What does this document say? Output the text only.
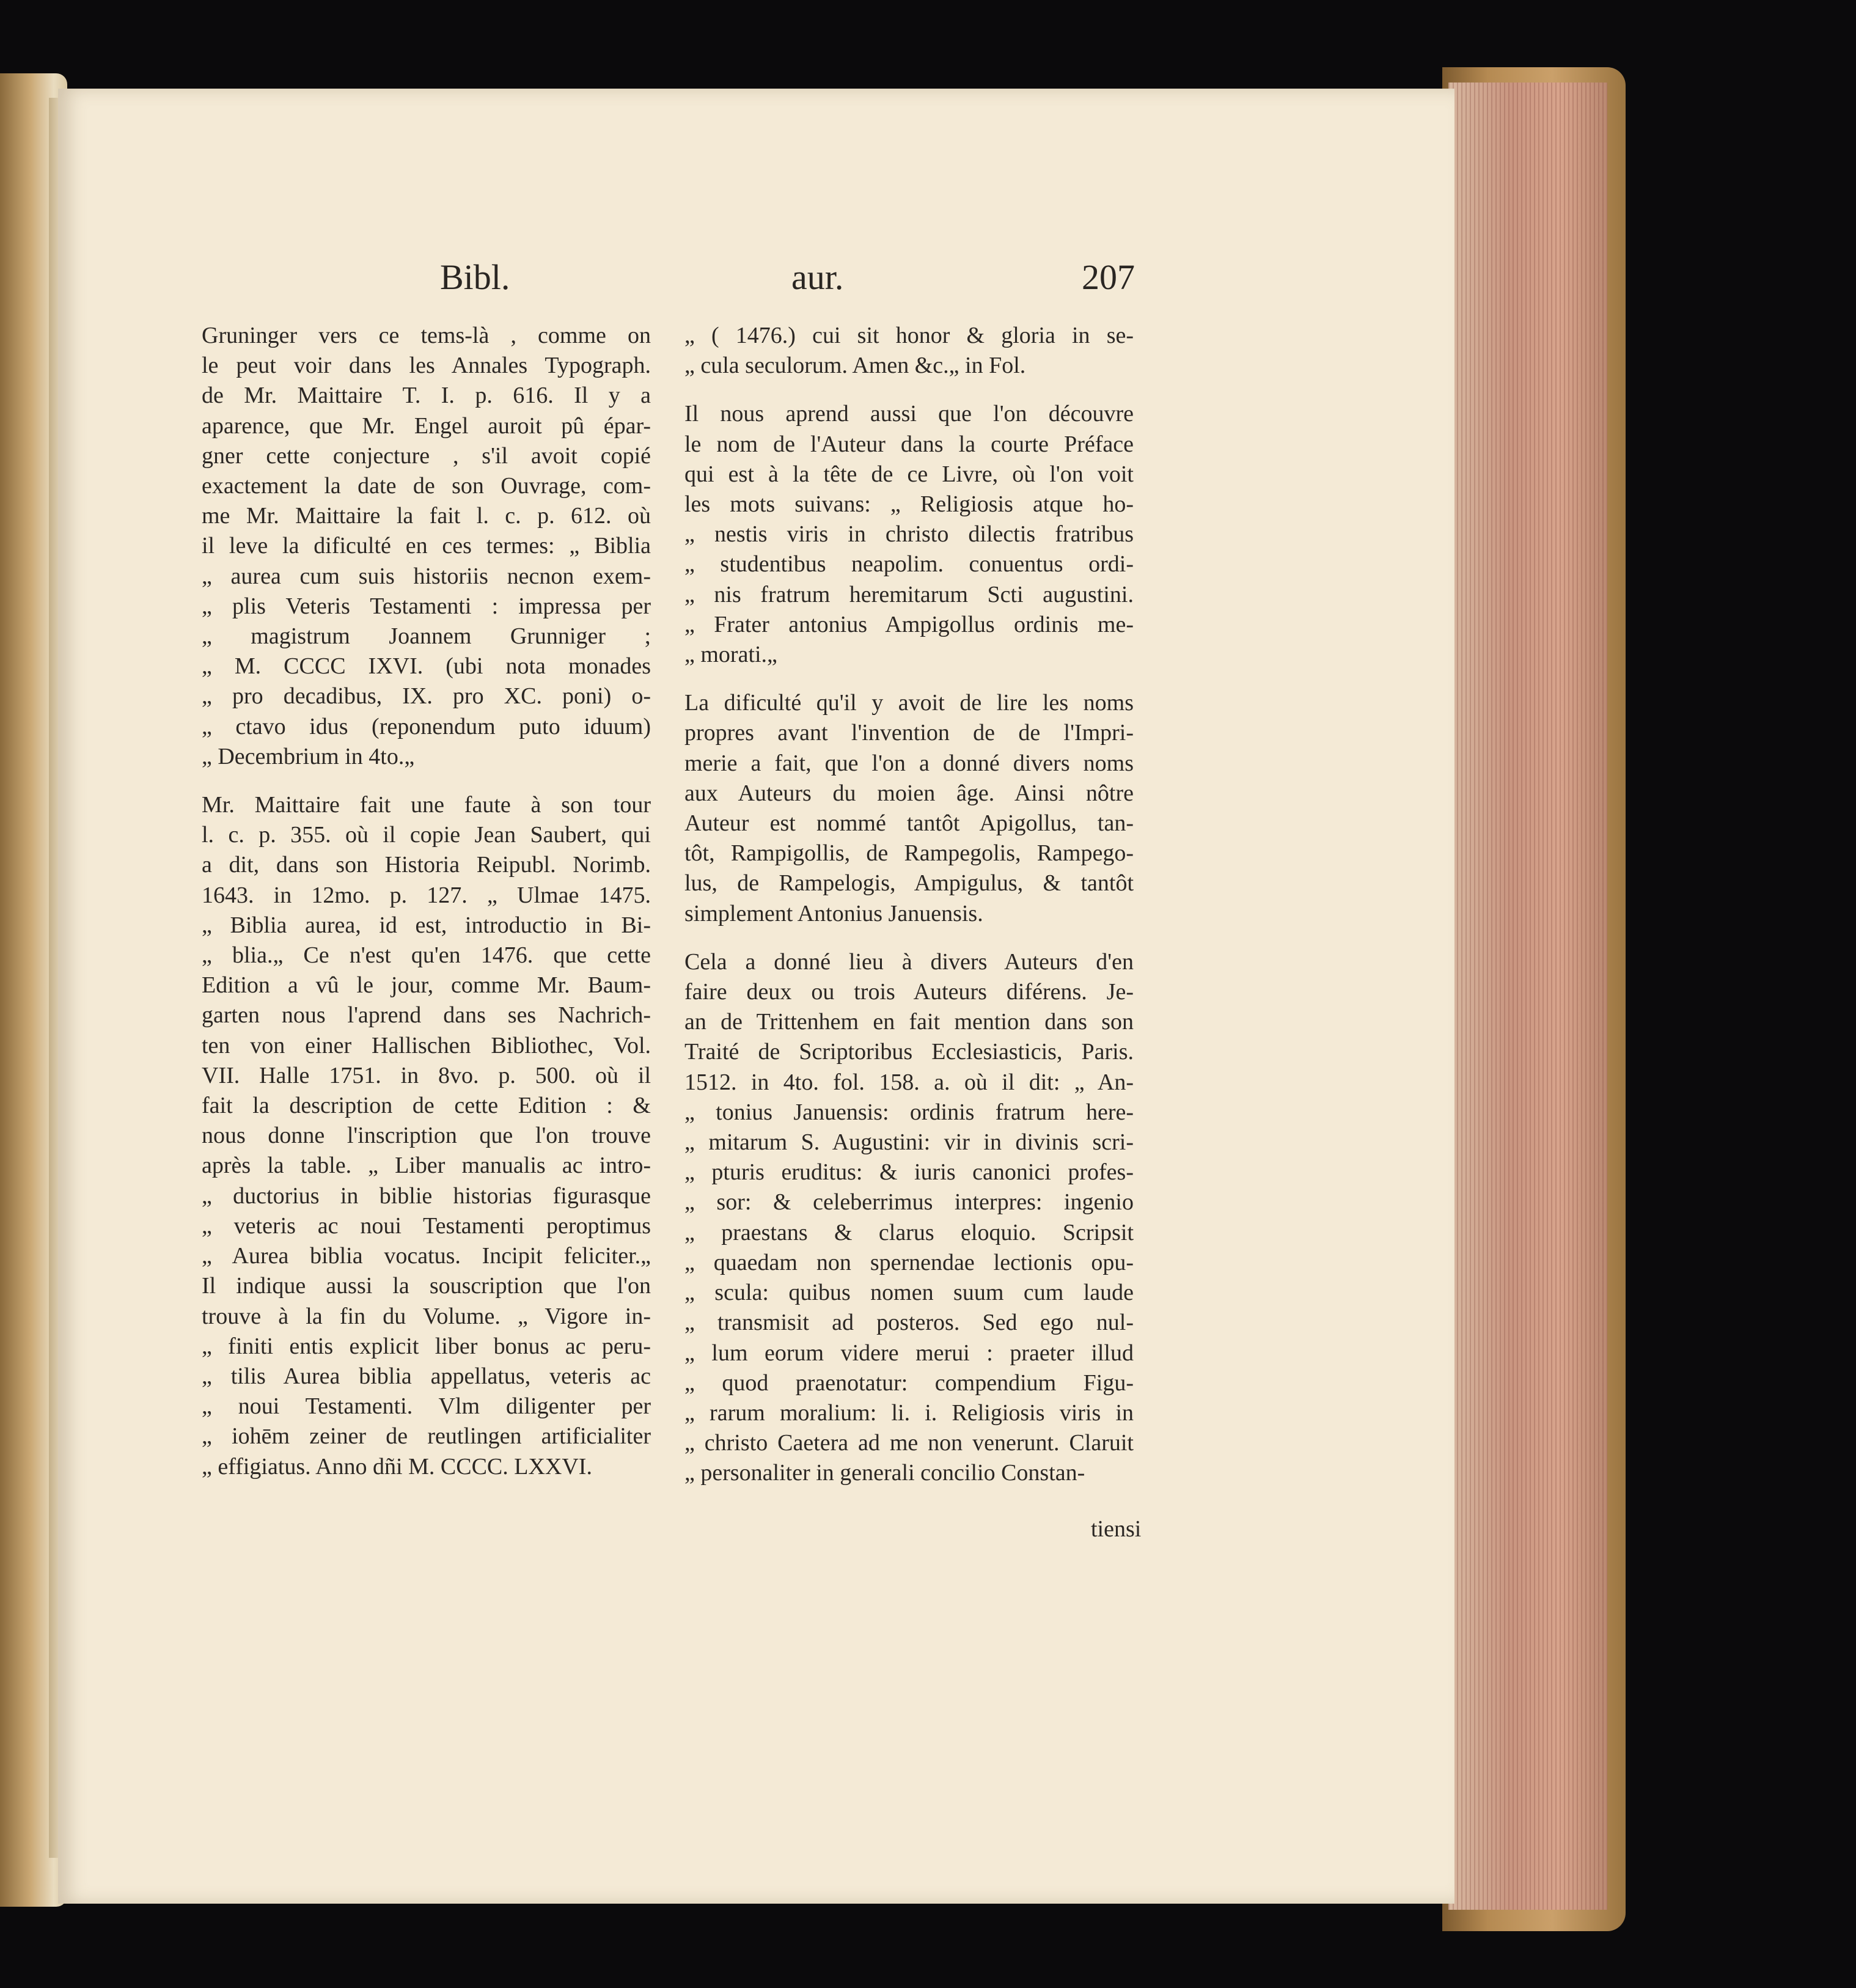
Bibl.	aur.	207
Gruninger vers ce tems-là , comme on
le peut voir dans les Annales Typograph.
de Mr. Maittaire T. I. p. 616. Il y a
aparence, que Mr. Engel auroit pû épar-
gner cette conjecture , s'il avoit copié
exactement la date de son Ouvrage, com-
me Mr. Maittaire la fait l. c. p. 612. où
il leve la dificulté en ces termes: „ Biblia
„ aurea cum suis historiis necnon exem-
„ plis Veteris Testamenti : impressa per
„ magistrum Joannem Grunniger ;
„ M. CCCC IXVI. (ubi nota monades
„ pro decadibus, IX. pro XC. poni) o-
„ ctavo idus (reponendum puto iduum)
„ Decembrium in 4to.„
Mr. Maittaire fait une faute à son tour
l. c. p. 355. où il copie Jean Saubert, qui
a dit, dans son Historia Reipubl. Norimb.
1643. in 12mo. p. 127. „ Ulmae 1475.
„ Biblia aurea, id est, introductio in Bi-
„ blia.„ Ce n'est qu'en 1476. que cette
Edition a vû le jour, comme Mr. Baum-
garten nous l'aprend dans ses Nachrich-
ten von einer Hallischen Bibliothec, Vol.
VII. Halle 1751. in 8vo. p. 500. où il
fait la description de cette Edition : &
nous donne l'inscription que l'on trouve
après la table. „ Liber manualis ac intro-
„ ductorius in biblie historias figurasque
„ veteris ac noui Testamenti peroptimus
„ Aurea biblia vocatus. Incipit feliciter.„
Il indique aussi la souscription que l'on
trouve à la fin du Volume. „ Vigore in-
„ finiti entis explicit liber bonus ac peru-
„ tilis Aurea biblia appellatus, veteris ac
„ noui Testamenti. Vlm diligenter per
„ iohēm zeiner de reutlingen artificialiter
„ effigiatus. Anno dñi M. CCCC. LXXVI.
„ ( 1476.) cui sit honor & gloria in se-
„ cula seculorum. Amen &c.„ in Fol.
Il nous aprend aussi que l'on découvre
le nom de l'Auteur dans la courte Préface
qui est à la tête de ce Livre, où l'on voit
les mots suivans: „ Religiosis atque ho-
„ nestis viris in christo dilectis fratribus
„ studentibus neapolim. conuentus ordi-
„ nis fratrum heremitarum Scti augustini.
„ Frater antonius Ampigollus ordinis me-
„ morati.„
La dificulté qu'il y avoit de lire les noms
propres avant l'invention de de l'Impri-
merie a fait, que l'on a donné divers noms
aux Auteurs du moien âge. Ainsi nôtre
Auteur est nommé tantôt Apigollus, tan-
tôt, Rampigollis, de Rampegolis, Rampego-
lus, de Rampelogis, Ampigulus, & tantôt
simplement Antonius Januensis.
Cela a donné lieu à divers Auteurs d'en
faire deux ou trois Auteurs diférens. Je-
an de Trittenhem en fait mention dans son
Traité de Scriptoribus Ecclesiasticis, Paris.
1512. in 4to. fol. 158. a. où il dit: „ An-
„ tonius Januensis: ordinis fratrum here-
„ mitarum S. Augustini: vir in divinis scri-
„ pturis eruditus: & iuris canonici profes-
„ sor: & celeberrimus interpres: ingenio
„ praestans & clarus eloquio. Scripsit
„ quaedam non spernendae lectionis opu-
„ scula: quibus nomen suum cum laude
„ transmisit ad posteros. Sed ego nul-
„ lum eorum videre merui : praeter illud
„ quod praenotatur: compendium Figu-
„ rarum moralium: li. i. Religiosis viris in
„ christo Caetera ad me non venerunt. Claruit
„ personaliter in generali concilio Constan-
tiensi
